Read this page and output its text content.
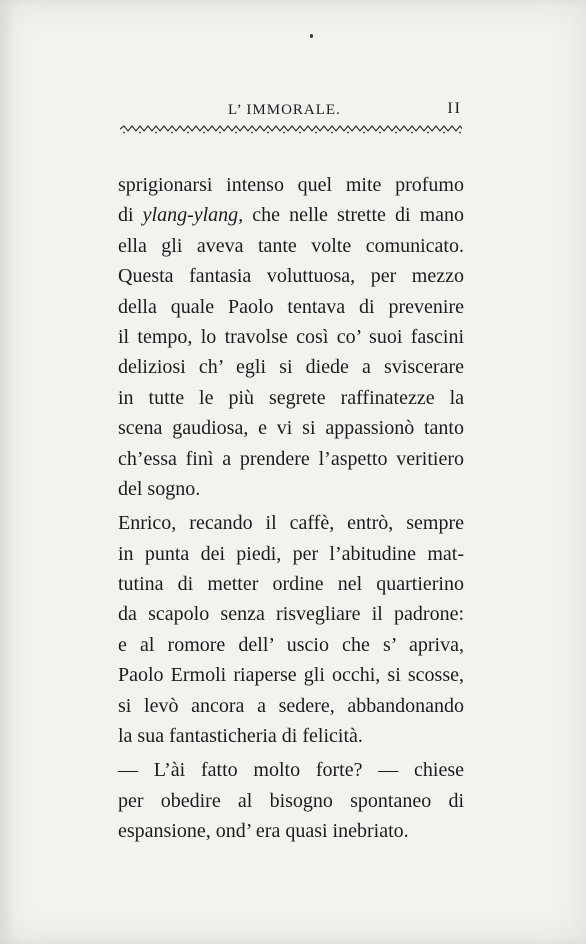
L’ IMMORALE.	II
sprigionarsi intenso quel mite profumo
di ylang-ylang, che nelle strette di mano
ella gli aveva tante volte comunicato.
Questa fantasia voluttuosa, per mezzo
della quale Paolo tentava di prevenire
il tempo, lo travolse così co’ suoi fascini
deliziosi ch’ egli si diede a sviscerare
in tutte le più segrete raffinatezze la
scena gaudiosa, e vi si appassionò tanto
ch’essa finì a prendere l’aspetto veritiero
del sogno.
Enrico, recando il caffè, entrò, sempre
in punta dei piedi, per l’abitudine mat-
tutina di metter ordine nel quartierino
da scapolo senza risvegliare il padrone:
e al romore dell’ uscio che s’ apriva,
Paolo Ermoli riaperse gli occhi, si scosse,
si levò ancora a sedere, abbandonando
la sua fantasticheria di felicità.
— L’ài fatto molto forte? — chiese
per obedire al bisogno spontaneo di
espansione, ond’ era quasi inebriato.
